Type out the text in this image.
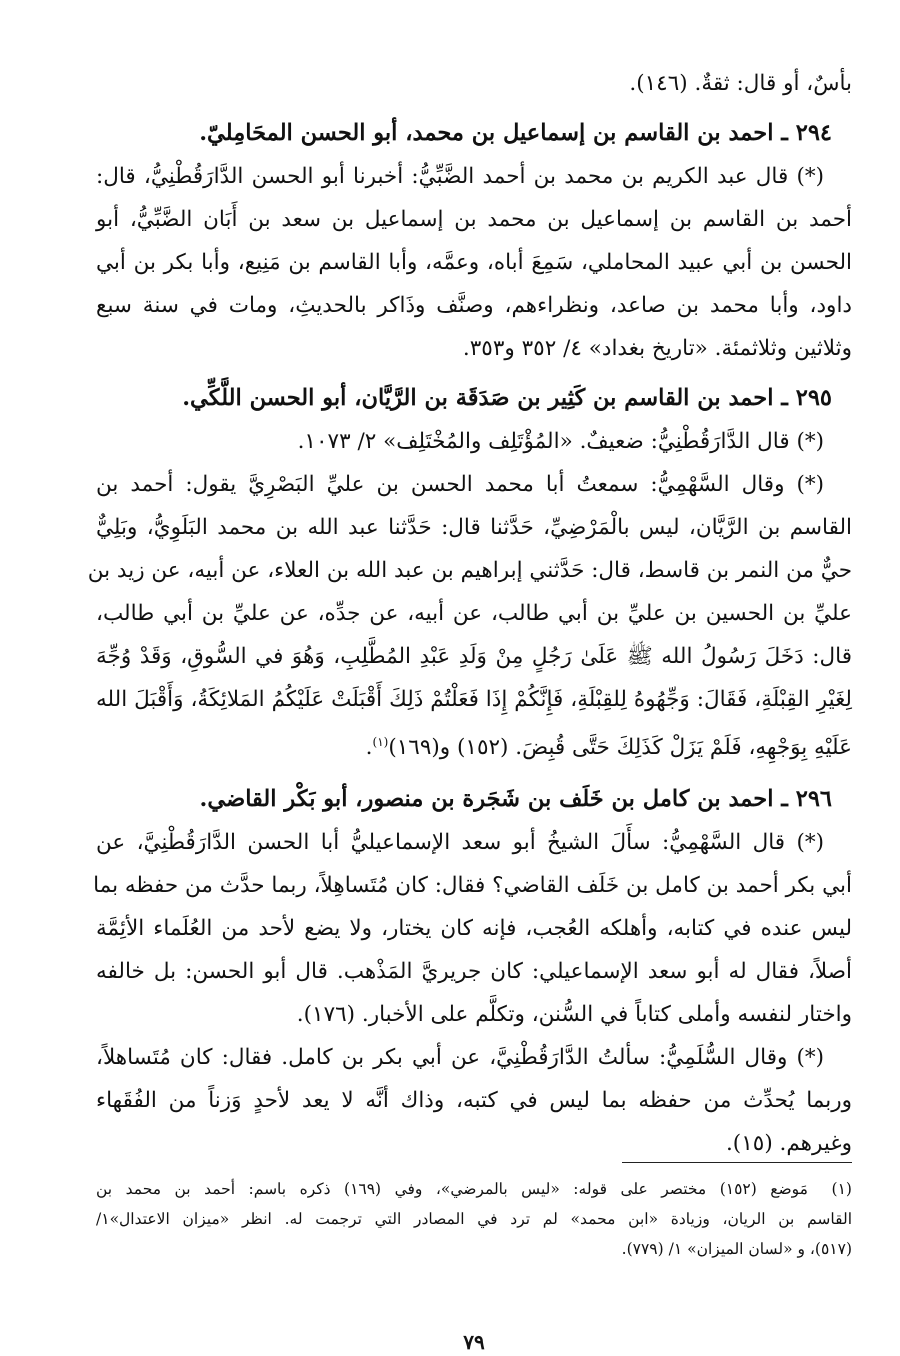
بأسٌ، أو قال: ثقةٌ. (١٤٦).
٢٩٤ ـ احمد بن القاسم بن إسماعيل بن محمد، أبو الحسن المحَامِليّ.
(*) قال عبد الكريم بن محمد بن أحمد الضَّبِّيُّ: أخبرنا أبو الحسن الدَّارَقُطْنِيُّ، قال:
أحمد بن القاسم بن إسماعيل بن محمد بن إسماعيل بن سعد بن أَبَان الضَّبِّيُّ، أبو
الحسن بن أبي عبيد المحاملي، سَمِعَ أباه، وعمَّه، وأبا القاسم بن مَنِيع، وأبا بكر بن أبي
داود، وأبا محمد بن صاعد، ونظراءهم، وصنَّف وذَاكر بالحديثِ، ومات في سنة سبع
وثلاثين وثلاثمئة. «تاريخ بغداد» ٤/ ٣٥٢ و٣٥٣.
٢٩٥ ـ احمد بن القاسم بن كَثِير بن صَدَقَة بن الرَّيَّان، أبو الحسن اللَّكِّي.
(*) قال الدَّارَقُطْنِيُّ: ضعيفٌ. «المُؤْتَلِف والمُخْتَلِف» ٢/ ١٠٧٣.
(*) وقال السَّهْمِيُّ: سمعتُ أبا محمد الحسن بن عليِّ البَصْرِيَّ يقول: أحمد بن
القاسم بن الرَّيَّان، ليس بالْمَرْضِيِّ، حَدَّثنا قال: حَدَّثنا عبد الله بن محمد البَلَوِيُّ، وبَلِيٌّ
حيٌّ من النمر بن قاسط، قال: حَدَّثني إبراهيم بن عبد الله بن العلاء، عن أبيه، عن زيد بن
عليِّ بن الحسين بن عليِّ بن أبي طالب، عن أبيه، عن جدِّه، عن عليِّ بن أبي طالب،
قال: دَخَلَ رَسُولُ الله ﷺ عَلَىٰ رَجُلٍ مِنْ وَلَدِ عَبْدِ المُطَّلِبِ، وَهُوَ في السُّوقِ، وَقَدْ وُجِّهَ
لِغَيْرِ القِبْلَةِ، فَقَالَ: وَجِّهُوهُ لِلقِبْلَةِ، فَإِنَّكُمْ إِذَا فَعَلْتُمْ ذَلِكَ أَقْبَلَتْ عَلَيْكُمُ المَلائِكَةُ، وَأَقْبَلَ الله
عَلَيْهِ بِوَجْهِهِ، فَلَمْ يَزَلْ كَذَلِكَ حَتَّى قُبِضَ. (١٥٢) و(١٦٩)$^{(١)}$.
٢٩٦ ـ احمد بن كامل بن خَلَف بن شَجَرة بن منصور، أبو بَكْر القاضي.
(*) قال السَّهْمِيُّ: سأَلَ الشيخُ أبو سعد الإسماعيليُّ أبا الحسن الدَّارَقُطْنِيَّ، عن
أبي بكر أحمد بن كامل بن خَلَف القاضي؟ فقال: كان مُتَساهِلاً، ربما حدَّث من حفظه بما
ليس عنده في كتابه، وأهلكه العُجب، فإنه كان يختار، ولا يضع لأحد من العُلَماء الأئِمَّة
أصلاً، فقال له أبو سعد الإسماعيلي: كان جريريَّ المَذْهب. قال أبو الحسن: بل خالفه
واختار لنفسه وأملى كتاباً في السُّنن، وتكلَّم على الأخبار. (١٧٦).
(*) وقال السُّلَمِيُّ: سألتُ الدَّارَقُطْنِيَّ، عن أبي بكر بن كامل. فقال: كان مُتَساهلاً،
وربما يُحدِّث من حفظه بما ليس في كتبه، وذاك أنَّه لا يعد لأحدٍ وَزناً من الفُقَهاء
وغيرهم. (١٥).
(١)مَوضع (١٥٢) مختصر على قوله: «ليس بالمرضي»، وفي (١٦٩) ذكره باسم: أحمد بن محمد بن
القاسم بن الريان، وزيادة «ابن محمد» لم ترد في المصادر التي ترجمت له. انظر «ميزان الاعتدال»١/
(٥١٧)، و «لسان الميزان» ١/ (٧٧٩).
٧٩
